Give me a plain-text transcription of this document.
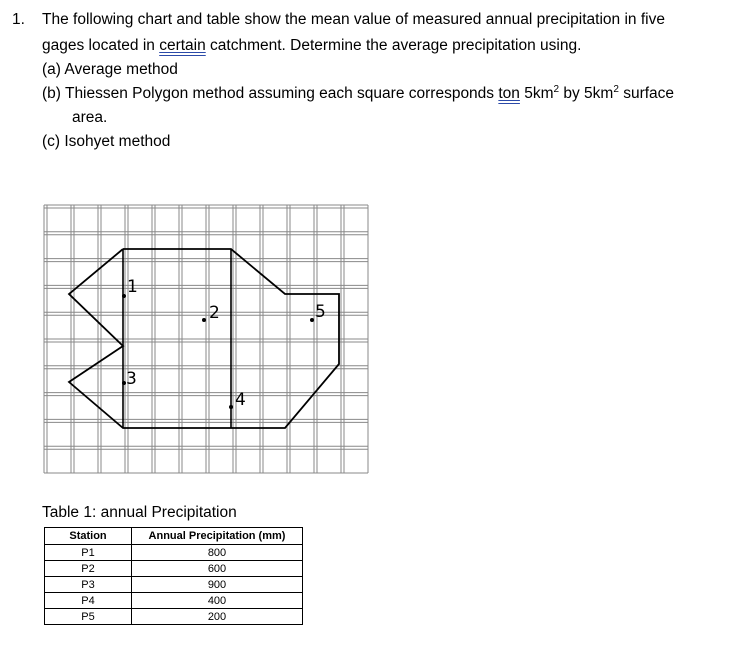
1. The following chart and table show the mean value of measured annual precipitation in five
gages located in certain catchment. Determine the average precipitation using.
(a) Average method
(b) Thiessen Polygon method assuming each square corresponds ton $5km^2$ by $5km^2$ surface
area.
(c) Isohyet method
1
2
3
4
5
Table 1: annual Precipitation
Station	Annual Precipitation (mm)
P1	800
P2	600
P3	900
P4	400
P5	200
